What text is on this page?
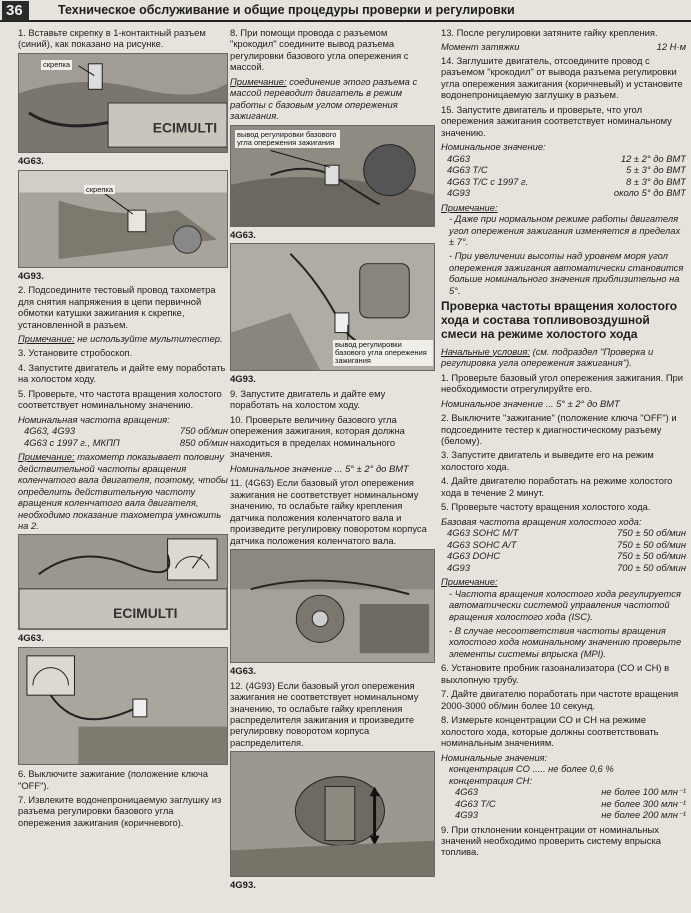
36	Техническое обслуживание и общие процедуры проверки и регулировки

1. Вставьте скрепку в 1-контактный разъем (синий), как показано на рисунке.

ECIMULTI
скрепка
4G63.
скрепка
4G93.

2. Подсоедините тестовый провод тахометра для снятия напряжения в цепи первичной обмотки катушки зажигания к скрепке, установленной в разъем.

Примечание: не используйте мультитестер.

3. Установите стробоскоп.

4. Запустите двигатель и дайте ему поработать на холостом ходу.

5. Проверьте, что частота вращения холостого соответствует номинальному значению.

Номинальная частота вращения:

4G63, 4G93	750 об/мин
4G63 с 1997 г., МКПП	850 об/мин

Примечание: тахометр показывает половину действительной частоты вращения коленчатого вала двигателя, поэтому, чтобы определить действительную частоту вращения коленчатого вала двигателя, необходимо показание тахометра умножить на 2.

ECIMULTI
4G63.

6. Выключите зажигание (положение ключа "OFF").

7. Извлеките водонепроницаемую заглушку из разъема регулировки базового угла опережения зажигания (коричневого).

8. При помощи провода с разъемом "крокодил" соедините вывод разъема регулировки базового угла опережения с массой.

Примечание: соединение этого разъема с массой переводит двигатель в режим работы с базовым углом опережения зажигания.

вывод регулировки базового угла опережения зажигания
4G63.
вывод регулировки базового угла опережения зажигания
4G93.

9. Запустите двигатель и дайте ему поработать на холостом ходу.

10. Проверьте величину базового угла опережения зажигания, которая должна находиться в пределах номинального значения.

Номинальное значение ... 5° ± 2° до ВМТ

11. (4G63) Если базовый угол опережения зажигания не соответствует номинальному значению, то ослабьте гайку крепления датчика положения коленчатого вала и произведите регулировку поворотом корпуса датчика положения коленчатого вала.

4G63.

12. (4G93) Если базовый угол опережения зажигания не соответствует номинальному значению, то ослабьте гайку крепления распределителя зажигания и произведите регулировку поворотом корпуса распределителя.

4G93.

13. После регулировки затяните гайку крепления.

Момент затяжки	12 Н·м

14. Заглушите двигатель, отсоедините провод с разъемом "крокодил" от вывода разъема регулировки угла опережения зажигания (коричневый) и установите водонепроницаемую заглушку в разъем.

15. Запустите двигатель и проверьте, что угол опережения зажигания соответствует номинальному значению.

Номинальное значение:

4G63	12 ± 2° до ВМТ
4G63 T/C	5 ± 3° до ВМТ
4G63 T/C с 1997 г.	8 ± 3° до ВМТ
4G93	около 5° до ВМТ

Примечание:

- Даже при нормальном режиме работы двигателя угол опережения зажигания изменяется в пределах ± 7°.

- При увеличении высоты над уровнем моря угол опережения зажигания автоматически становится больше номинального значения приблизительно на 5°.

Проверка частоты вращения холостого хода и состава топливовоздушной смеси на режиме холостого хода

Начальные условия: (см. подраздел "Проверка и регулировка угла опережения зажигания").

1. Проверьте базовый угол опережения зажигания. При необходимости отрегулируйте его.

Номинальное значение ... 5° ± 2° до ВМТ

2. Выключите "зажигание" (положение ключа "OFF") и подсоедините тестер к диагностическому разъему (белому).

3. Запустите двигатель и выведите его на режим холостого хода.

4. Дайте двигателю поработать на режиме холостого хода в течение 2 минут.

5. Проверьте частоту вращения холостого хода.

Базовая частота вращения холостого хода:

4G63 SOHC M/T	750 ± 50 об/мин
4G63 SOHC A/T	750 ± 50 об/мин
4G63 DOHC	750 ± 50 об/мин
4G93	700 ± 50 об/мин

Примечание:

- Частота вращения холостого хода регулируется автоматически системой управления частотой вращения холостого хода (ISC).

- В случае несоответствия частоты вращения холостого хода номинальному значению проверьте элементы системы впрыска (MPI).

6. Установите пробник газоанализатора (CO и CH) в выхлопную трубу.

7. Дайте двигателю поработать при частоте вращения 2000-3000 об/мин более 10 секунд.

8. Измерьте концентрации CO и CH на режиме холостого хода, которые должны соответствовать номинальным значениям.

Номинальные значения:

концентрация CO ..... не более 0,6 %

концентрация CH:

4G63	не более 100 млн⁻¹
4G63 T/C	не более 300 млн⁻¹
4G93	не более 200 млн⁻¹

9. При отклонении концентрации от номинальных значений необходимо проверить систему впрыска топлива.
